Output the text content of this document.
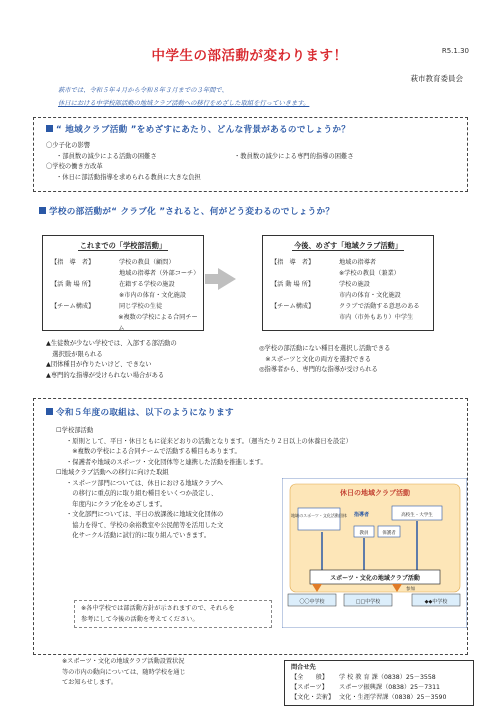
中学生の部活動が変わります！	R5.1.30
萩市では、令和５年４月から令和８年３月までの３年間で、
休日における中学校部活動の地域クラブ活動への移行をめざした取組を行っていきます。
萩市教育委員会
“ 地域クラブ活動 ”をめざすにあたり、どんな背景があるのでしょうか？
〇少子化の影響
・部員数の減少による活動の困難さ	・教員数の減少による専門的指導の困難さ
〇学校の働き方改革
・休日に部活動指導を求められる教員に大きな負担
学校の部活動が“ クラブ化 ”されると、何がどう変わるのでしょうか？
これまでの「学校部活動」
【指　導　者】	学校の教員（顧問）
地域の指導者（外部コーチ）
【活 動 場 所】	在籍する学校の施設
※市内の体育・文化施設
【チーム構成】	同じ学校の生徒
※複数の学校による合同チーム
今後、めざす「地域クラブ活動」
【指　導　者】	地域の指導者
※学校の教員（兼業）
【活 動 場 所】	学校の施設
市内の体育・文化施設
【チーム構成】	クラブで活動する意思のある
市内（市外もあり）中学生
▲生徒数が少ない学校では、入部する部活動の
　選択肢が限られる
▲団体種目が作りたいけど、できない
▲専門的な指導が受けられない場合がある
◎学校の部活動にない種目を選択し活動できる
　※スポーツと文化の両方を選択できる
◎指導者から、専門的な指導が受けられる
令和５年度の取組は、以下のようになります
☐学校部活動
・原則として、平日・休日ともに従来どおりの活動となります。（週当たり２日以上の休養日を設定）
　※複数の学校による合同チームで活動する種目もあります。
・保護者や地域のスポーツ・文化団体等と連携した活動を推進します。
☐地域クラブ活動への移行に向けた取組
・スポーツ部門については、休日における地域クラブへ
　の移行に重点的に取り組む種目をいくつか設定し、
　年度内にクラブ化をめざします。
・文化部門については、平日の放課後に地域文化団体の
　協力を得て、学校の余裕教室や公民館等を活用した文
　化サークル活動に試行的に取り組んでいきます。
※各中学校では部活動方針が示されますので、それらを
参考にして今後の活動を考えてください。
休日の地域クラブ活動
地域のスポーツ・文化活動団体 指導者	高校生・大学生
教員	保護者
スポーツ・文化の地域クラブ活動
参加
〇〇中学校	□□中学校	◆◆中学校
※スポーツ・文化の地域クラブ活動設置状況
等の市内の動向については、随時学校を通じ
てお知らせします。
問合せ先
【全　　般】	学 校 教 育 課（0838）25－3558
【スポーツ】	スポーツ振興課（0838）25－7311
【文化・芸術】 文化・生涯学習課（0838）25－3590
